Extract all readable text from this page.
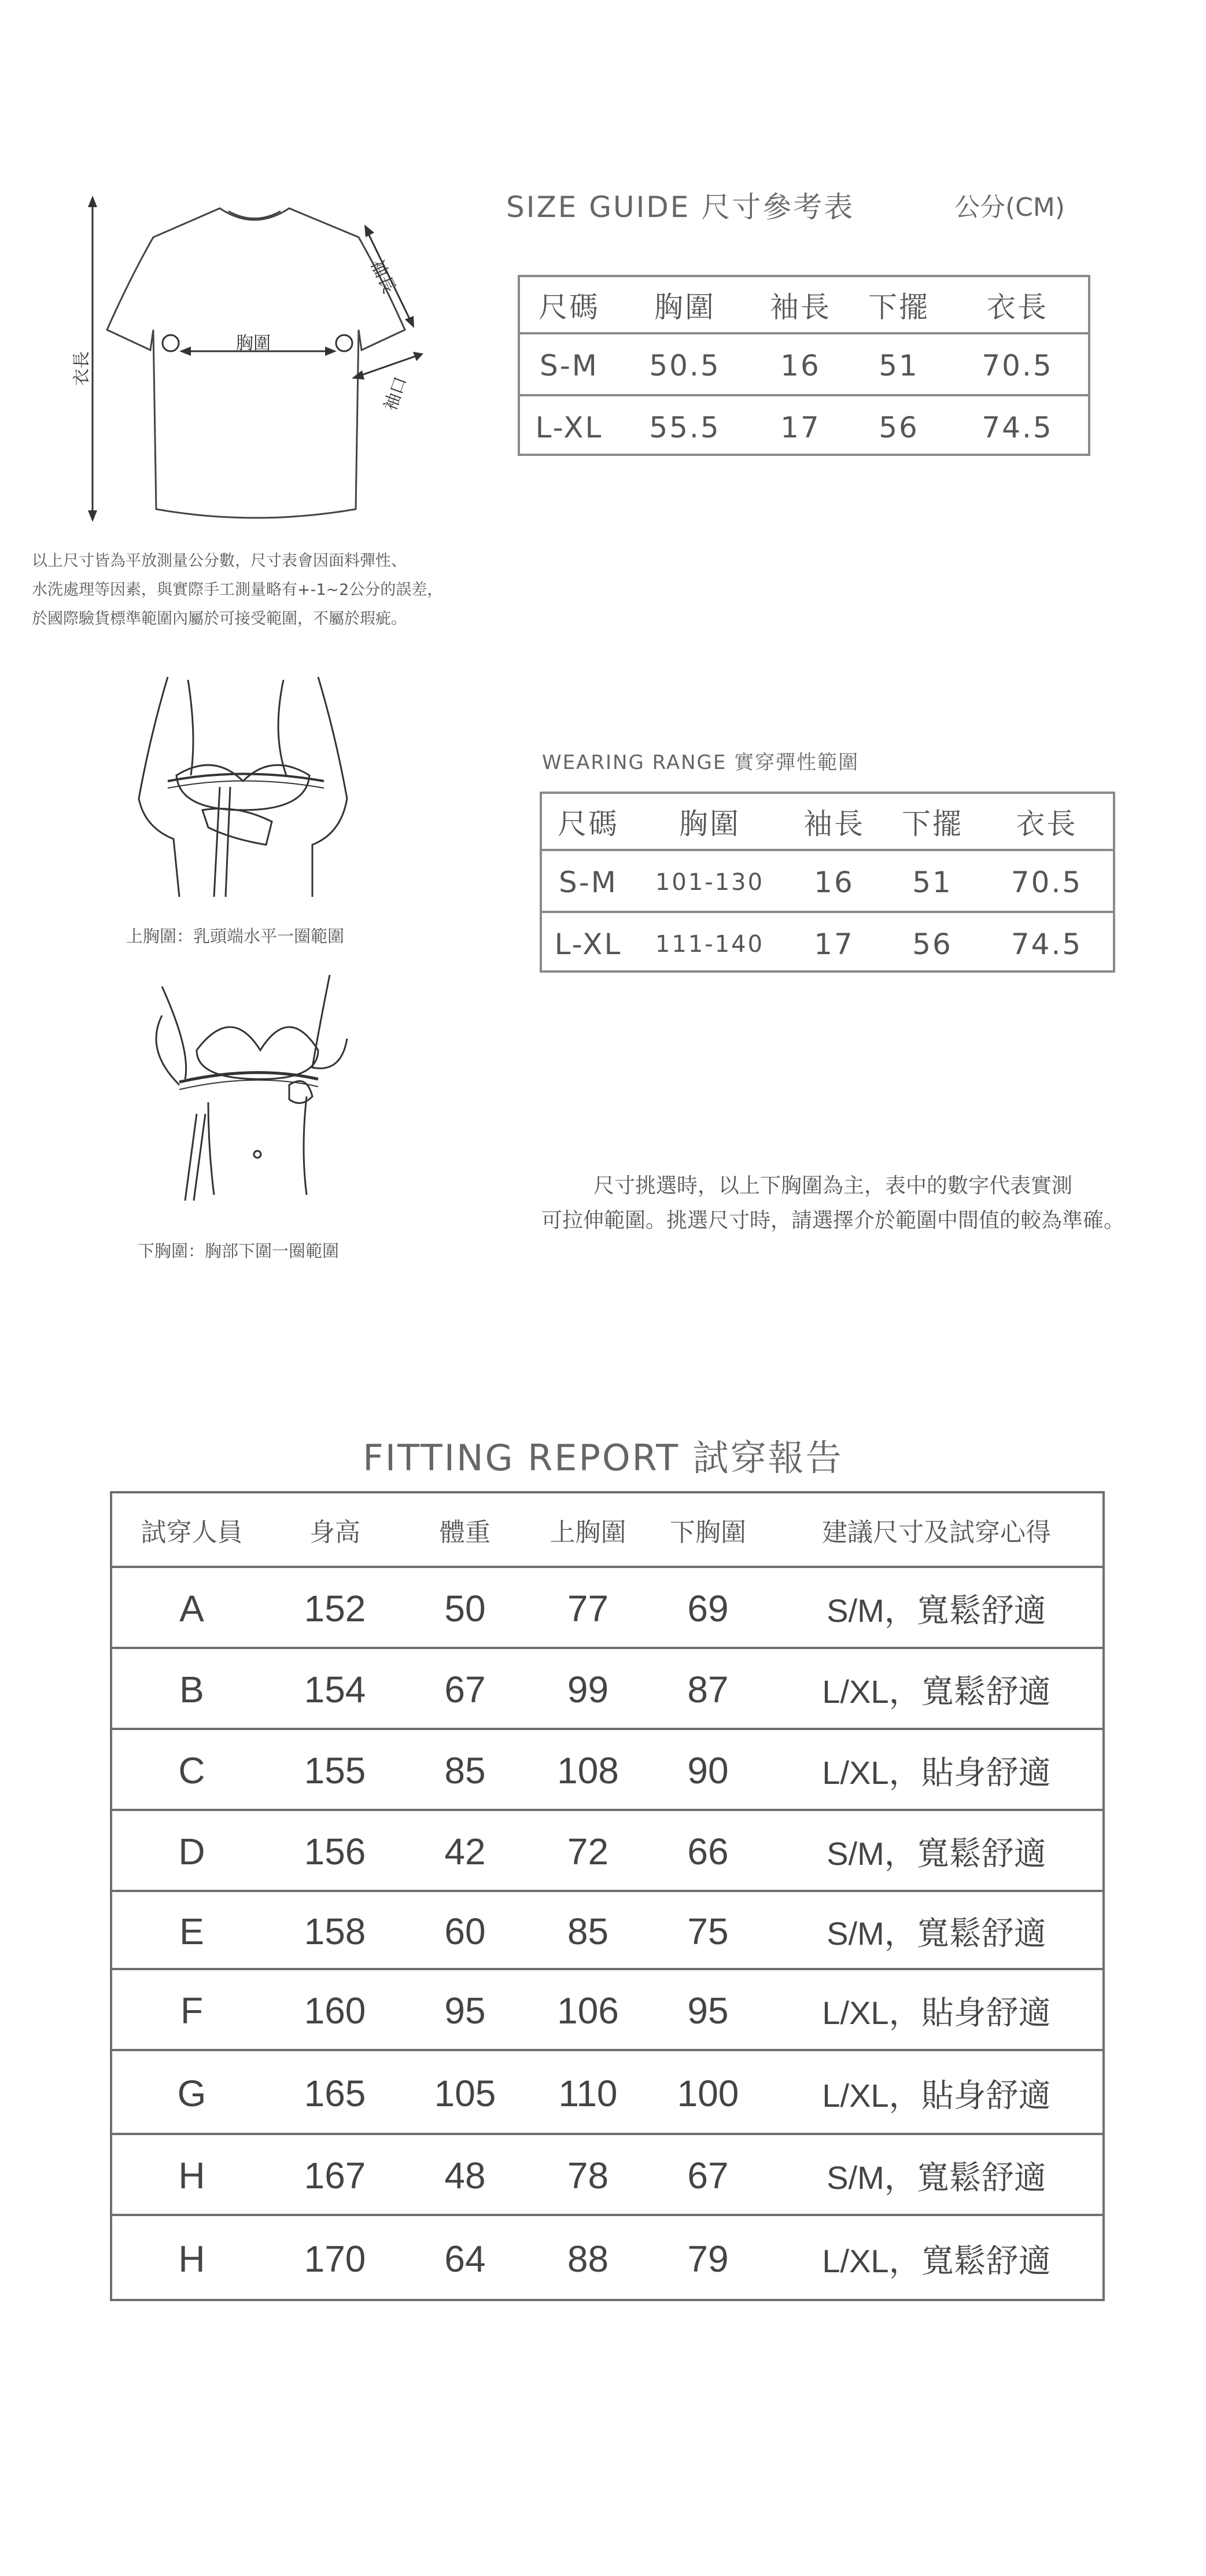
衣長
胸圍
袖長
袖口
SIZE GUIDE 尺寸參考表	公分(CM)
尺碼	胸圍	袖長	下擺	衣長
S-M	50.5	16	51	70.5
L-XL	55.5	17	56	74.5
以上尺寸皆為平放測量公分數，尺寸表會因面料彈性、
水洗處理等因素，與實際手工測量略有+-1~2公分的誤差，
於國際驗貨標準範圍內屬於可接受範圍，不屬於瑕疵。
上胸圍：乳頭端水平一圈範圍
下胸圍：胸部下圍一圈範圍
WEARING RANGE 實穿彈性範圍
尺碼	胸圍	袖長	下擺	衣長
S-M	101-130	16	51	70.5
L-XL	111-140	17	56	74.5
尺寸挑選時，以上下胸圍為主，表中的數字代表實測
可拉伸範圍。挑選尺寸時，請選擇介於範圍中間值的較為準確。
FITTING REPORT 試穿報告
試穿人員	身高	體重	上胸圍	下胸圍	建議尺寸及試穿心得
A	152	50	77	69	S/M，寬鬆舒適
B	154	67	99	87	L/XL，寬鬆舒適
C	155	85	108	90	L/XL，貼身舒適
D	156	42	72	66	S/M，寬鬆舒適
E	158	60	85	75	S/M，寬鬆舒適
F	160	95	106	95	L/XL，貼身舒適
G	165	105	110	100	L/XL，貼身舒適
H	167	48	78	67	S/M，寬鬆舒適
H	170	64	88	79	L/XL，寬鬆舒適
